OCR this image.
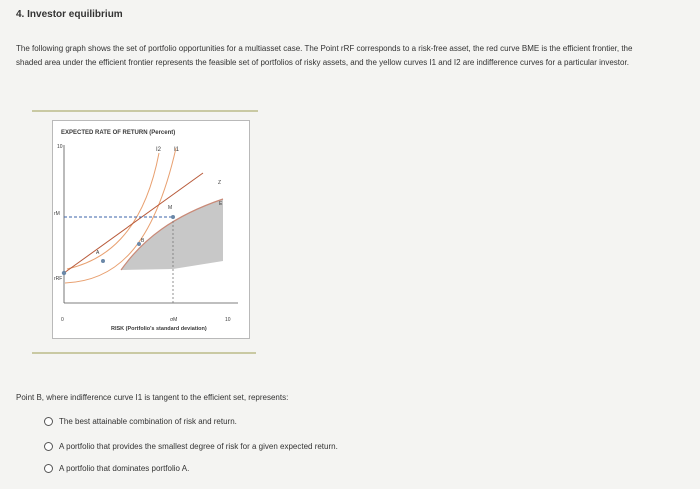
4. Investor equilibrium
The following graph shows the set of portfolio opportunities for a multiasset case. The Point rRF corresponds to a risk-free asset, the red curve BME is the efficient frontier, the shaded area under the efficient frontier represents the feasible set of portfolios of risky assets, and the yellow curves I1 and I2 are indifference curves for a particular investor.
EXPECTED RATE OF RETURN (Percent)
10	I2 I1
Z
E
M
B
A
rM
rRF
0	σM	10
RISK (Portfolio's standard deviation)
Point B, where indifference curve I1 is tangent to the efficient set, represents:
The best attainable combination of risk and return.
A portfolio that provides the smallest degree of risk for a given expected return.
A portfolio that dominates portfolio A.
